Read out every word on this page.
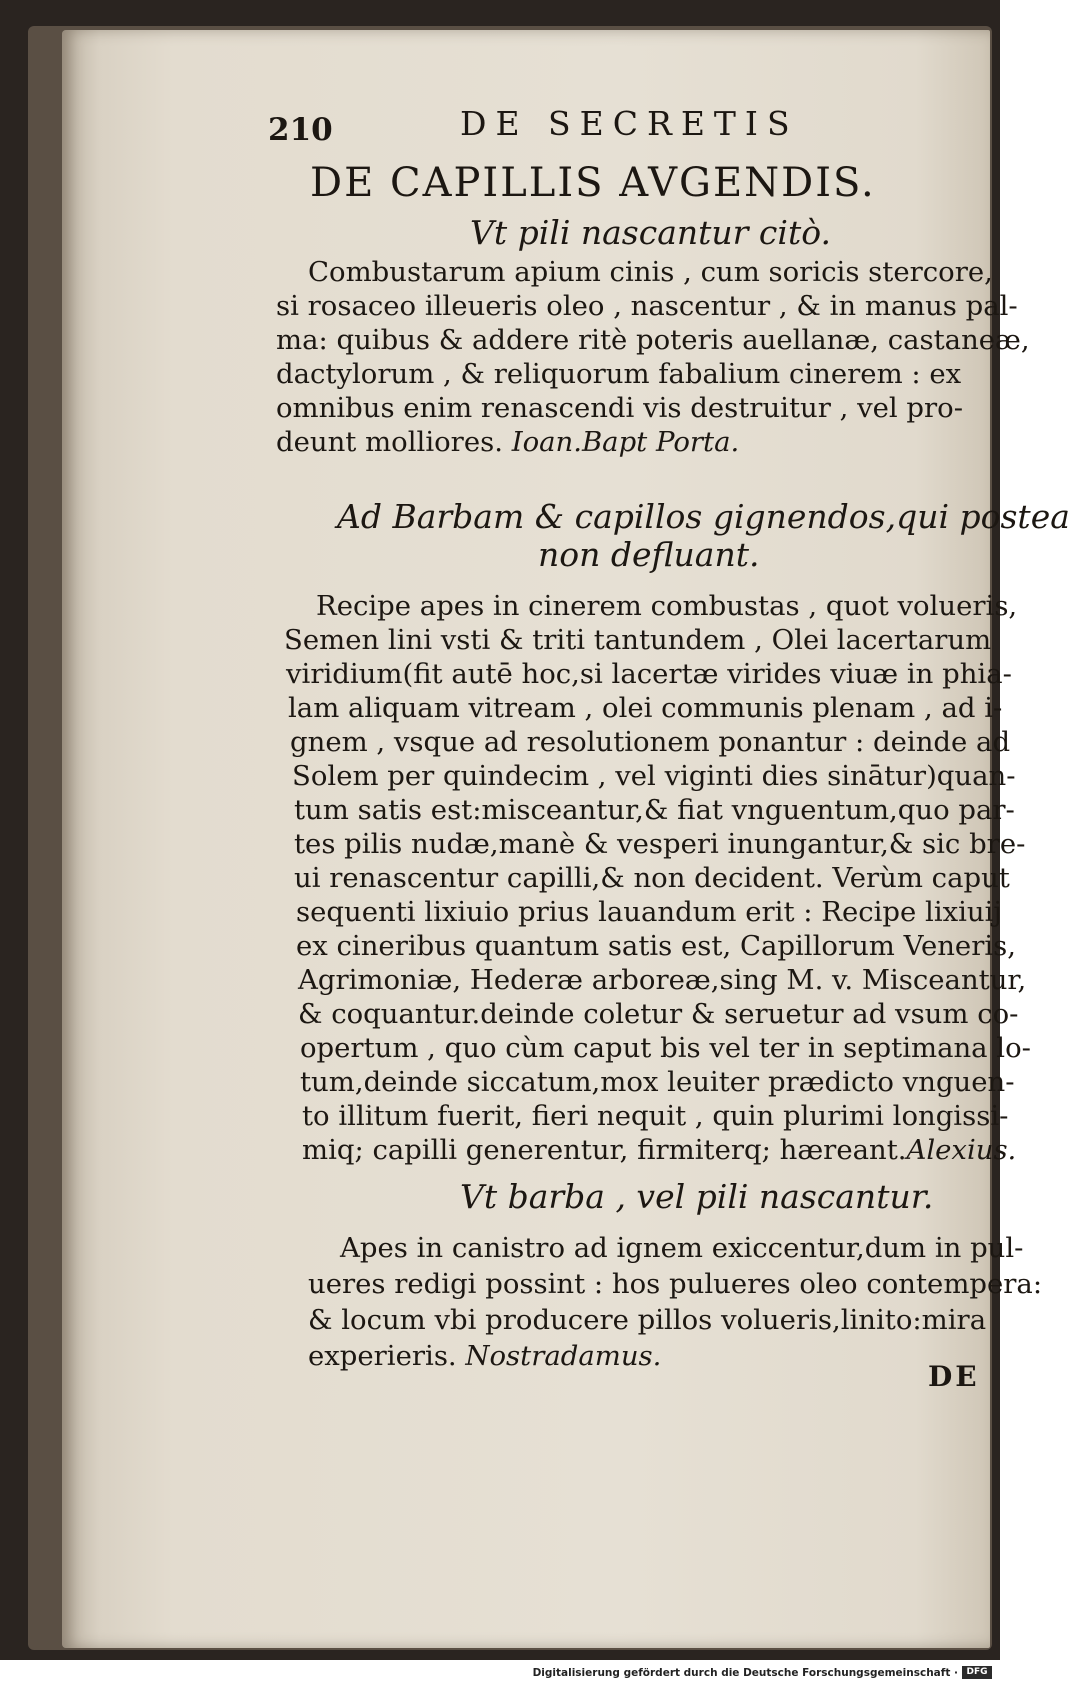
210	DE SECRETIS
DE CAPILLIS AVGENDIS.
Vt pili nascantur citò.
Combustarum apium cinis , cum soricis stercore,
si rosaceo illeueris oleo , nascentur , & in manus pal-
ma: quibus & addere ritè poteris auellanæ, castaneæ,
dactylorum , & reliquorum fabalium cinerem : ex
omnibus enim renascendi vis destruitur , vel pro-
deunt molliores. Ioan.Bapt Porta.
Ad Barbam & capillos gignendos,qui postea
non defluant.
Recipe apes in cinerem combustas , quot volueris,
Semen lini vsti & triti tantundem , Olei lacertarum
viridium(fit autē hoc,si lacertæ virides viuæ in phia-
lam aliquam vitream , olei communis plenam , ad i-
gnem , vsque ad resolutionem ponantur : deinde ad
Solem per quindecim , vel viginti dies sinātur)quan-
tum satis est:misceantur,& fiat vnguentum,quo par-
tes pilis nudæ,manè & vesperi inungantur,& sic bre-
ui renascentur capilli,& non decident. Verùm caput
sequenti lixiuio prius lauandum erit : Recipe lixiuij
ex cineribus quantum satis est, Capillorum Veneris,
Agrimoniæ, Hederæ arboreæ,sing M. v. Misceantur,
& coquantur.deinde coletur & seruetur ad vsum co-
opertum , quo cùm caput bis vel ter in septimana lo-
tum,deinde siccatum,mox leuiter prædicto vnguen-
to illitum fuerit, fieri nequit , quin plurimi longissi-
miq; capilli generentur, firmiterq; hæreant.Alexius.
Vt barba , vel pili nascantur.
Apes in canistro ad ignem exiccentur,dum in pul-
ueres redigi possint : hos pulueres oleo contempera:
& locum vbi producere pillos volueris,linito:mira
experieris. Nostradamus.
DE
Digitalisierung gefördert durch die Deutsche Forschungsgemeinschaft · DFG
